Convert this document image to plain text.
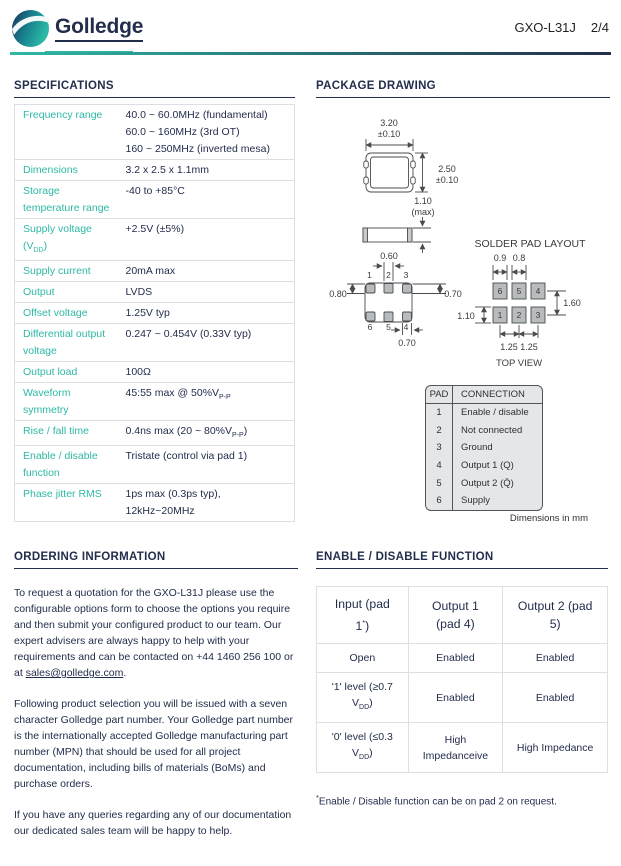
Golledge	GXO-L31J 2/4
SPECIFICATIONS
Frequency range	40.0 ~ 60.0MHz (fundamental)
60.0 ~ 160MHz (3rd OT)
160 ~ 250MHz (inverted mesa)
Dimensions	3.2 x 2.5 x 1.1mm
Storage temperature range	-40 to +85°C
Supply voltage $(V_{DD})$	+2.5V (±5%)
Supply current	20mA max
Output	LVDS
Offset voltage	1.25V typ
Differential output voltage	0.247 ~ 0.454V (0.33V typ)
Output load	100Ω
Waveform symmetry	45:55 max @ $50\%V_{P-P}$
Rise / fall time	0.4ns max (20 ~ $80\%V_{P-P}$)
Enable / disable function	Tristate (control via pad 1)
Phase jitter RMS	1ps max (0.3ps typ), 12kHz~20MHz
PACKAGE DRAWING
3.20
±0.10
2.50
±0.10
1.10
(max)
0.60
1 2 3
0.80	0.70
6 5 4
0.70
SOLDER PAD LAYOUT
0.9 0.8
6 5 4
1 2 3
1.60
1.10
1.25 1.25
TOP VIEW
PAD	CONNECTION
1	Enable / disable
2	Not connected
3	Ground
4	Output 1 (Q)
5	Output 2 (Q̄)
6	Supply
Dimensions in mm
ORDERING INFORMATION

To request a quotation for the GXO-L31J please use the configurable options form to choose the options you require and then submit your configured product to our team. Our expert advisers are always happy to help with your requirements and can be contacted on +44 1460 256 100 or at sales@golledge.com.

Following product selection you will be issued with a seven character Golledge part number. Your Golledge part number is the internationally accepted Golledge manufacturing part number (MPN) that should be used for all project documentation, including bills of materials (BoMs) and purchase orders.

If you have any queries regarding any of our documentation our dedicated sales team will be happy to help.

ENABLE / DISABLE FUNCTION
Input (pad 1*)	Output 1 (pad 4)	Output 2 (pad 5)
Open	Enabled	Enabled
'1' level (≥0.7 $V_{DD}$)	Enabled	Enabled
'0' level (≤0.3 $V_{DD}$)	High Impedanceive	High Impedance
*Enable / Disable function can be on pad 2 on request.
